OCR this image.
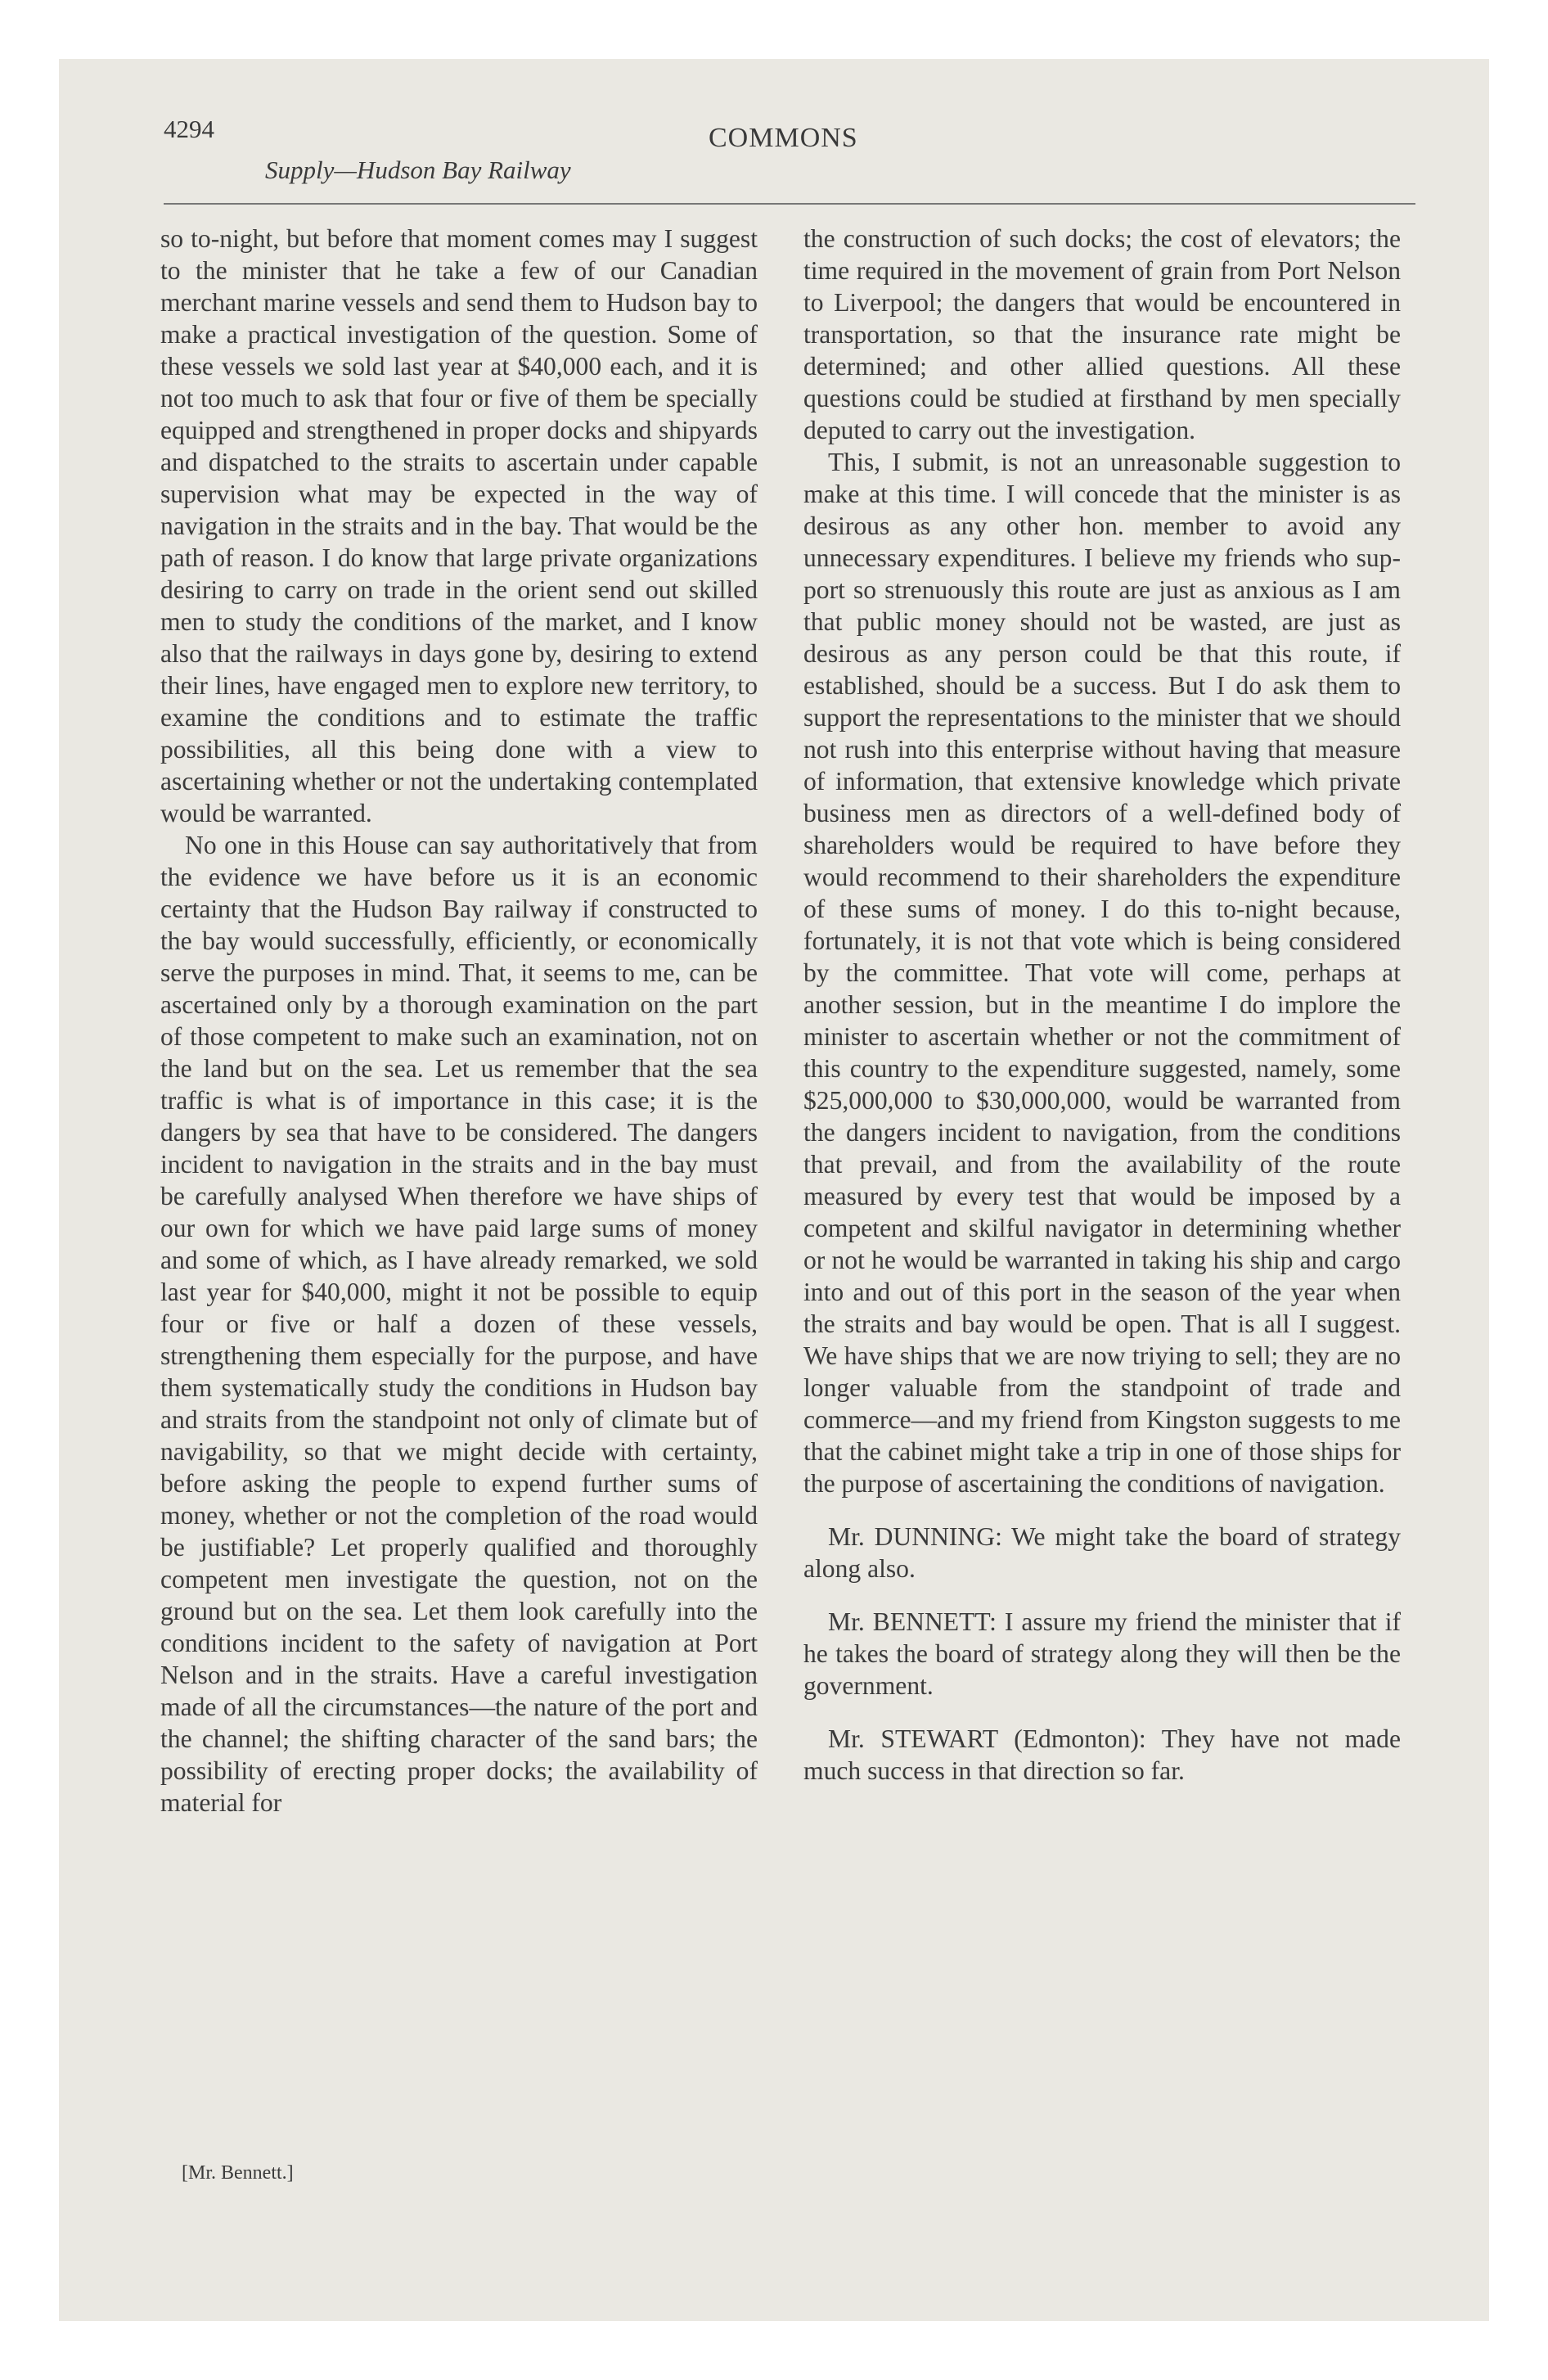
4294
Supply—Hudson Bay Railway
COMMONS

so to-night, but before that moment comes may I suggest to the minister that he take a few of our Canadian merchant marine vessels and send them to Hudson bay to make a practical investigation of the question. Some of these vessels we sold last year at $40,000 each, and it is not too much to ask that four or five of them be specially equipped and strengthened in proper docks and shipyards and dispatched to the straits to ascertain under capable supervision what may be expected in the way of navigation in the straits and in the bay. That would be the path of reason. I do know that large private organizations desiring to carry on trade in the orient send out skilled men to study the conditions of the market, and I know also that the railways in days gone by, desiring to extend their lines, have engaged men to explore new territory, to examine the conditions and to estimate the traffic possibilities, all this being done with a view to ascertaining whether or not the undertaking contemplated would be warranted.

No one in this House can say authoritatively that from the evidence we have before us it is an economic certainty that the Hudson Bay railway if constructed to the bay would successfully, efficiently, or economically serve the purposes in mind. That, it seems to me, can be ascertained only by a thorough examination on the part of those competent to make such an examination, not on the land but on the sea. Let us remember that the sea traffic is what is of importance in this case; it is the dangers by sea that have to be considered. The dangers incident to navigation in the straits and in the bay must be carefully analysed When therefore we have ships of our own for which we have paid large sums of money and some of which, as I have already remarked, we sold last year for $40,000, might it not be possible to equip four or five or half a dozen of these vessels, strengthening them especially for the purpose, and have them systematically study the conditions in Hudson bay and straits from the standpoint not only of climate but of navigability, so that we might decide with certainty, before asking the people to expend further sums of money, whether or not the completion of the road would be justifiable? Let properly qualified and thoroughly competent men investigate the question, not on the ground but on the sea. Let them look carefully into the conditions incident to the safety of navigation at Port Nelson and in the straits. Have a careful investigation made of all the circumstances—the nature of the port and the channel; the shifting character of the sand bars; the possibility of erecting proper docks; the availability of material for

[Mr. Bennett.]

the construction of such docks; the cost of elevators; the time required in the movement of grain from Port Nelson to Liverpool; the dangers that would be encountered in transportation, so that the insurance rate might be determined; and other allied questions. All these questions could be studied at firsthand by men specially deputed to carry out the investigation.

This, I submit, is not an unreasonable suggestion to make at this time. I will concede that the minister is as desirous as any other hon. member to avoid any unnecessary expenditures. I believe my friends who support so strenuously this route are just as anxious as I am that public money should not be wasted, are just as desirous as any person could be that this route, if established, should be a success. But I do ask them to support the representations to the minister that we should not rush into this enterprise without having that measure of information, that extensive knowledge which private business men as directors of a well-defined body of shareholders would be required to have before they would recommend to their shareholders the expenditure of these sums of money. I do this to-night because, fortunately, it is not that vote which is being considered by the committee. That vote will come, perhaps at another session, but in the meantime I do implore the minister to ascertain whether or not the commitment of this country to the expenditure suggested, namely, some $25,000,000 to $30,000,000, would be warranted from the dangers incident to navigation, from the conditions that prevail, and from the availability of the route measured by every test that would be imposed by a competent and skilful navigator in determining whether or not he would be warranted in taking his ship and cargo into and out of this port in the season of the year when the straits and bay would be open. That is all I suggest. We have ships that we are now triying to sell; they are no longer valuable from the standpoint of trade and commerce—and my friend from Kingston suggests to me that the cabinet might take a trip in one of those ships for the purpose of ascertaining the conditions of navigation.

Mr. DUNNING: We might take the board of strategy along also.

Mr. BENNETT: I assure my friend the minister that if he takes the board of strategy along they will then be the government.

Mr. STEWART (Edmonton): They have not made much success in that direction so far.
